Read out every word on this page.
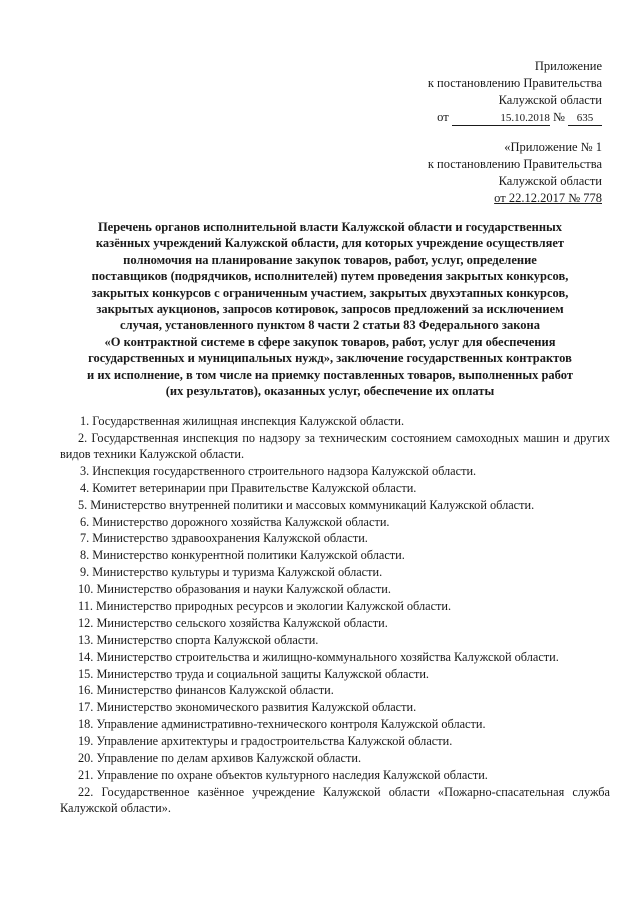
Приложение
к постановлению Правительства
Калужской области
от	15.10.2018 № 635
«Приложение № 1
к постановлению Правительства
Калужской области
от 22.12.2017 № 778
Перечень органов исполнительной власти Калужской области и государственных
казённых учреждений Калужской области, для которых учреждение осуществляет
полномочия на планирование закупок товаров, работ, услуг, определение
поставщиков (подрядчиков, исполнителей) путем проведения закрытых конкурсов,
закрытых конкурсов с ограниченным участием, закрытых двухэтапных конкурсов,
закрытых аукционов, запросов котировок, запросов предложений за исключением
случая, установленного пунктом 8 части 2 статьи 83 Федерального закона
«О контрактной системе в сфере закупок товаров, работ, услуг для обеспечения
государственных и муниципальных нужд», заключение государственных контрактов
и их исполнение, в том числе на приемку поставленных товаров, выполненных работ
(их результатов), оказанных услуг, обеспечение их оплаты
1. Государственная жилищная инспекция Калужской области.
2. Государственная инспекция по надзору за техническим состоянием самоходных машин и других видов техники Калужской области.
3. Инспекция государственного строительного надзора Калужской области.
4. Комитет ветеринарии при Правительстве Калужской области.
5. Министерство внутренней политики и массовых коммуникаций Калужской области.
6. Министерство дорожного хозяйства Калужской области.
7. Министерство здравоохранения Калужской области.
8. Министерство конкурентной политики Калужской области.
9. Министерство культуры и туризма Калужской области.
10. Министерство образования и науки Калужской области.
11. Министерство природных ресурсов и экологии Калужской области.
12. Министерство сельского хозяйства Калужской области.
13. Министерство спорта Калужской области.
14. Министерство строительства и жилищно-коммунального хозяйства Калужской области.
15. Министерство труда и социальной защиты Калужской области.
16. Министерство финансов Калужской области.
17. Министерство экономического развития Калужской области.
18. Управление административно-технического контроля Калужской области.
19. Управление архитектуры и градостроительства Калужской области.
20. Управление по делам архивов Калужской области.
21. Управление по охране объектов культурного наследия Калужской области.
22. Государственное казённое учреждение Калужской области «Пожарно-спасательная служба Калужской области».
